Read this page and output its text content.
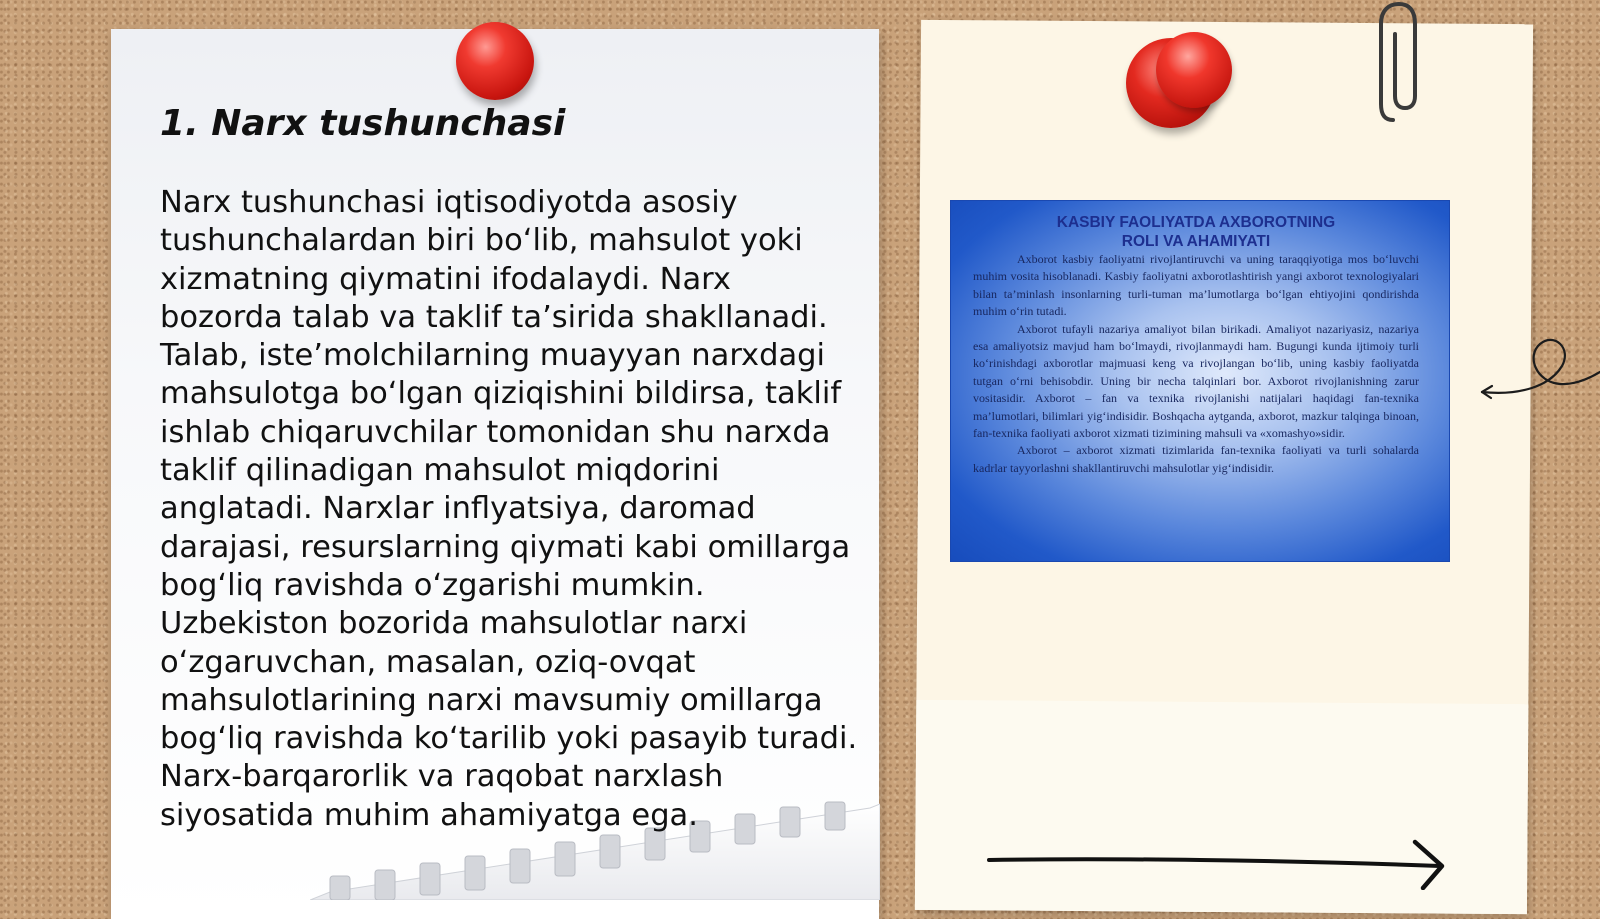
1. Narx tushunchasi

Narx tushunchasi iqtisodiyotda asosiy tushunchalardan biri bo‘lib, mahsulot yoki xizmatning qiymatini ifodalaydi. Narx bozorda talab va taklif ta’sirida shakllanadi. Talab, iste’molchilarning muayyan narxdagi mahsulotga bo‘lgan qiziqishini bildirsa, taklif ishlab chiqaruvchilar tomonidan shu narxda taklif qilinadigan mahsulot miqdorini anglatadi. Narxlar inflyatsiya, daromad darajasi, resurslarning qiymati kabi omillarga bog‘liq ravishda o‘zgarishi mumkin. Uzbekiston bozorida mahsulotlar narxi o‘zgaruvchan, masalan, oziq-ovqat mahsulotlarining narxi mavsumiy omillarga bog‘liq ravishda ko‘tarilib yoki pasayib turadi. Narx-barqarorlik va raqobat narxlash siyosatida muhim ahamiyatga ega.

KASBIY FAOLIYATDA AXBOROTNING

ROLI VA AHAMIYATI

Axborot kasbiy faoliyatni rivojlantiruvchi va uning taraqqiyotiga mos bo‘luvchi muhim vosita hisoblanadi. Kasbiy faoliyatni axborotlashtirish yangi axborot texnologiyalari bilan ta’minlash insonlarning turli-tuman ma’lumotlarga bo‘lgan ehtiyojini qondirishda muhim o‘rin tutadi.

Axborot tufayli nazariya amaliyot bilan birikadi. Amaliyot nazariyasiz, nazariya esa amaliyotsiz mavjud ham bo‘lmaydi, rivojlanmaydi ham. Bugungi kunda ijtimoiy turli ko‘rinishdagi axborotlar majmuasi keng va rivojlangan bo‘lib, uning kasbiy faoliyatda tutgan o‘rni behisobdir. Uning bir necha talqinlari bor. Axborot rivojlanishning zarur vositasidir. Axborot – fan va texnika rivojlanishi natijalari haqidagi fan-texnika ma’lumotlari, bilimlari yig‘indisidir. Boshqacha aytganda, axborot, mazkur talqinga binoan, fan-texnika faoliyati axborot xizmati tizimining mahsuli va «xomashyo»sidir.

Axborot – axborot xizmati tizimlarida fan-texnika faoliyati va turli sohalarda kadrlar tayyorlashni shakllantiruvchi mahsulotlar yig‘indisidir.
